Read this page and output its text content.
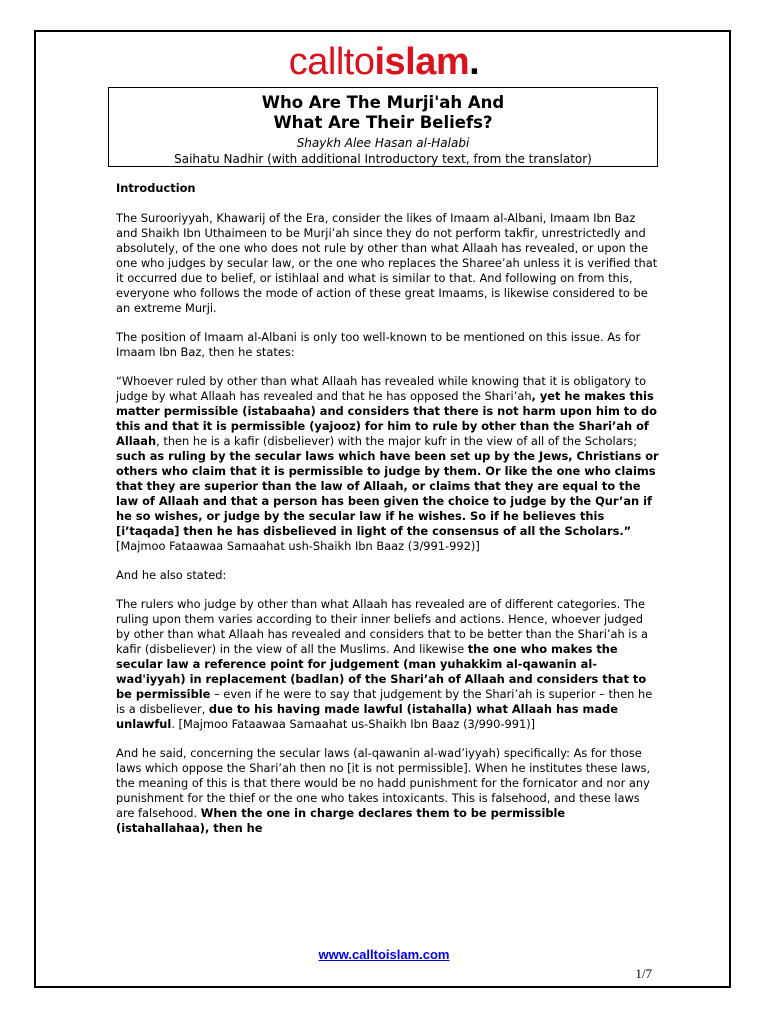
calltoislam.
Who Are The Murji'ah And
What Are Their Beliefs?
Shaykh Alee Hasan al-Halabi
Saihatu Nadhir (with additional Introductory text, from the translator)

Introduction

The Surooriyyah, Khawarij of the Era, consider the likes of Imaam al-Albani, Imaam Ibn Baz and Shaikh Ibn Uthaimeen to be Murji’ah since they do not perform takfir, unrestrictedly and absolutely, of the one who does not rule by other than what Allaah has revealed, or upon the one who judges by secular law, or the one who replaces the Sharee’ah unless it is verified that it occurred due to belief, or istihlaal and what is similar to that. And following on from this, everyone who follows the mode of action of these great Imaams, is likewise considered to be an extreme Murji.

The position of Imaam al-Albani is only too well-known to be mentioned on this issue. As for Imaam Ibn Baz, then he states:

“Whoever ruled by other than what Allaah has revealed while knowing that it is obligatory to judge by what Allaah has revealed and that he has opposed the Shari’ah, yet he makes this matter permissible (istabaaha) and considers that there is not harm upon him to do this and that it is permissible (yajooz) for him to rule by other than the Shari’ah of Allaah, then he is a kafir (disbeliever) with the major kufr in the view of all of the Scholars; such as ruling by the secular laws which have been set up by the Jews, Christians or others who claim that it is permissible to judge by them. Or like the one who claims that they are superior than the law of Allaah, or claims that they are equal to the law of Allaah and that a person has been given the choice to judge by the Qur’an if he so wishes, or judge by the secular law if he wishes. So if he believes this [i’taqada] then he has disbelieved in light of the consensus of all the Scholars.” [Majmoo Fataawaa Samaahat ush-Shaikh Ibn Baaz (3/991-992)]

And he also stated:

The rulers who judge by other than what Allaah has revealed are of different categories. The ruling upon them varies according to their inner beliefs and actions. Hence, whoever judged by other than what Allaah has revealed and considers that to be better than the Shari’ah is a kafir (disbeliever) in the view of all the Muslims. And likewise the one who makes the secular law a reference point for judgement (man yuhakkim al-qawanin al-wad'iyyah) in replacement (badlan) of the Shari’ah of Allaah and considers that to be permissible – even if he were to say that judgement by the Shari’ah is superior – then he is a disbeliever, due to his having made lawful (istahalla) what Allaah has made unlawful. [Majmoo Fataawaa Samaahat us-Shaikh Ibn Baaz (3/990-991)]

And he said, concerning the secular laws (al-qawanin al-wad’iyyah) specifically: As for those laws which oppose the Shari’ah then no [it is not permissible]. When he institutes these laws, the meaning of this is that there would be no hadd punishment for the fornicator and nor any punishment for the thief or the one who takes intoxicants. This is falsehood, and these laws are falsehood. When the one in charge declares them to be permissible (istahallahaa), then he

www.calltoislam.com
1/7
